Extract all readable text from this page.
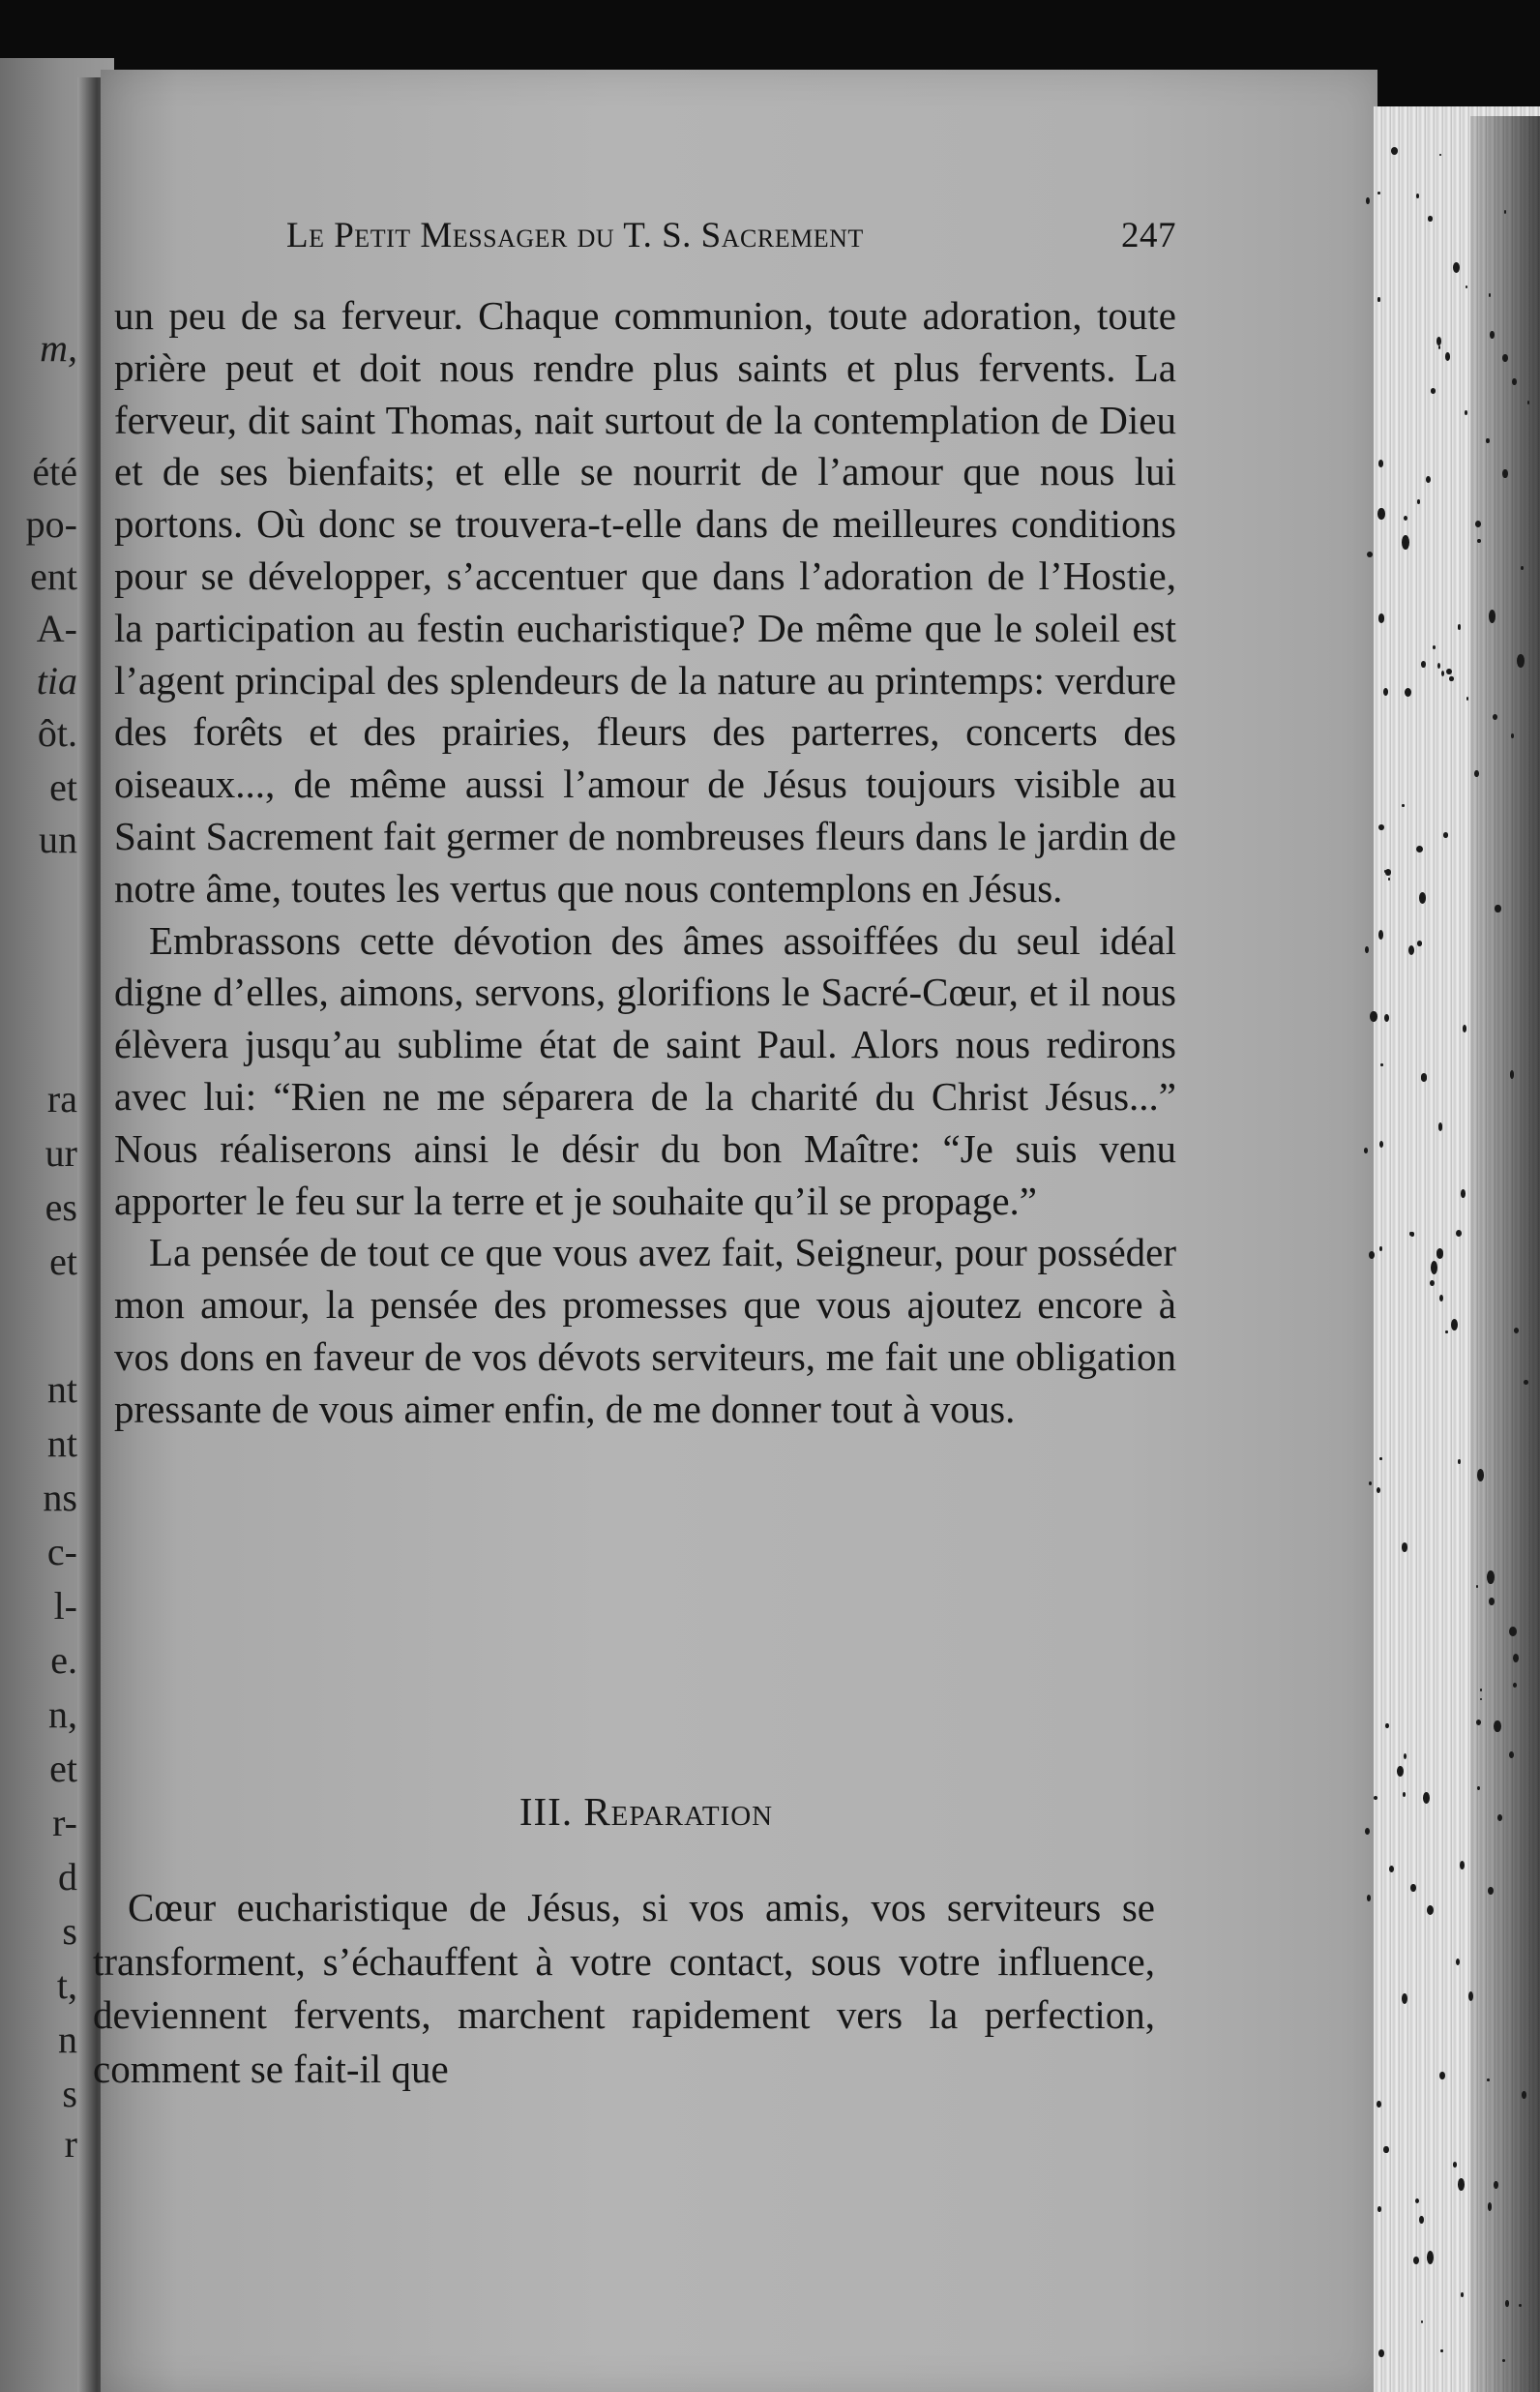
m,
été
po-
ent
A-
tia
ôt.
et
un
ra
ur
es
et
nt
nt
ns
c-
l-
e.
n,
et
r-
d
s
t,
n
s
r
Le Petit Messager du T. S. Sacrement	247

un peu de sa ferveur. Chaque communion, toute adoration, toute prière peut et doit nous rendre plus saints et plus fervents. La ferveur, dit saint Thomas, nait surtout de la contemplation de Dieu et de ses bienfaits; et elle se nourrit de l’amour que nous lui portons. Où donc se trouvera-t-elle dans de meilleures conditions pour se développer, s’accentuer que dans l’adoration de l’Hostie, la participation au festin eucharistique? De même que le soleil est l’agent principal des splendeurs de la nature au printemps: verdure des forêts et des prairies, fleurs des parterres, concerts des oiseaux..., de même aussi l’amour de Jésus toujours visible au Saint Sacrement fait germer de nombreuses fleurs dans le jardin de notre âme, toutes les vertus que nous contemplons en Jésus.

Embrassons cette dévotion des âmes assoiffées du seul idéal digne d’elles, aimons, servons, glorifions le Sacré-Cœur, et il nous élèvera jusqu’au sublime état de saint Paul. Alors nous redirons avec lui: “Rien ne me séparera de la charité du Christ Jésus...” Nous réaliserons ainsi le désir du bon Maître: “Je suis venu apporter le feu sur la terre et je souhaite qu’il se propage.”

La pensée de tout ce que vous avez fait, Seigneur, pour posséder mon amour, la pensée des promesses que vous ajoutez encore à vos dons en faveur de vos dévots serviteurs, me fait une obligation pressante de vous aimer enfin, de me donner tout à vous.

III. Reparation

Cœur eucharistique de Jésus, si vos amis, vos serviteurs se transforment, s’échauffent à votre contact, sous votre influence, deviennent fervents, marchent rapidement vers la perfection, comment se fait-il que
